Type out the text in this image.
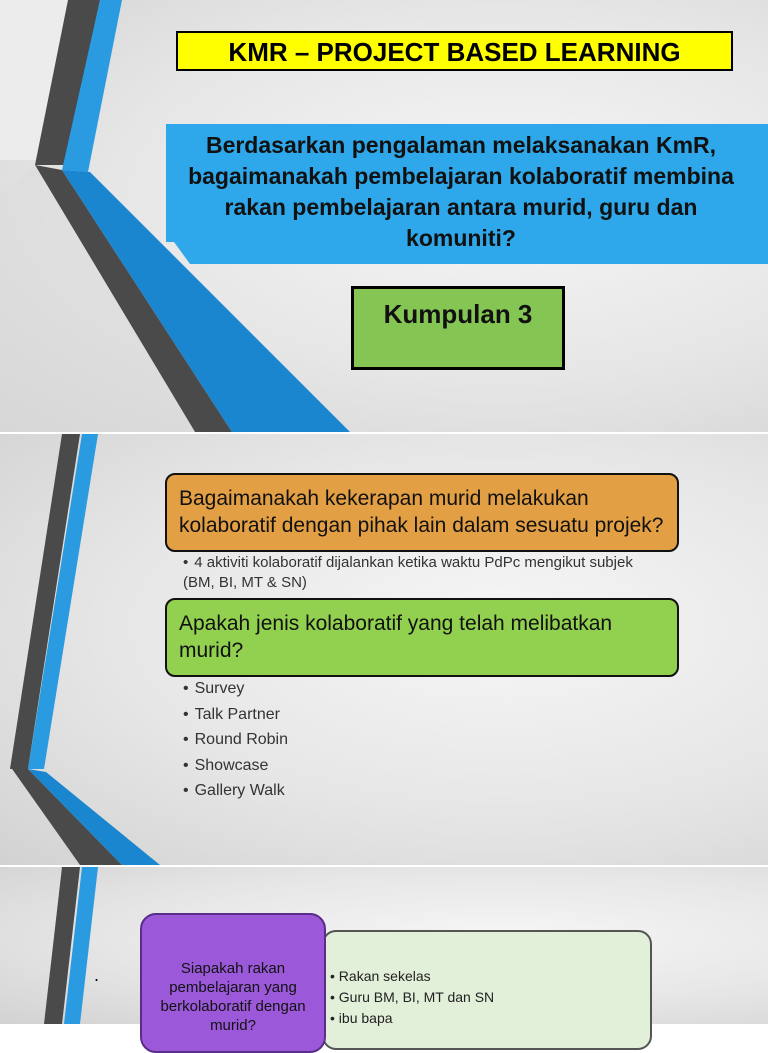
KMR – PROJECT BASED LEARNING
Berdasarkan pengalaman melaksanakan KmR, bagaimanakah pembelajaran kolaboratif membina rakan pembelajaran antara murid, guru dan komuniti?
Kumpulan 3
Bagaimanakah kekerapan murid melakukan kolaboratif dengan pihak lain dalam sesuatu projek?
• 4 aktiviti kolaboratif dijalankan ketika waktu PdPc mengikut subjek (BM, BI, MT & SN)
Apakah jenis kolaboratif yang telah melibatkan murid?
• Survey
• Talk Partner
• Round Robin
• Showcase
• Gallery Walk
.	• Rakan sekelas
• Guru BM, BI, MT dan SN
• ibu bapa
Siapakah rakan pembelajaran yang berkolaboratif dengan murid?
